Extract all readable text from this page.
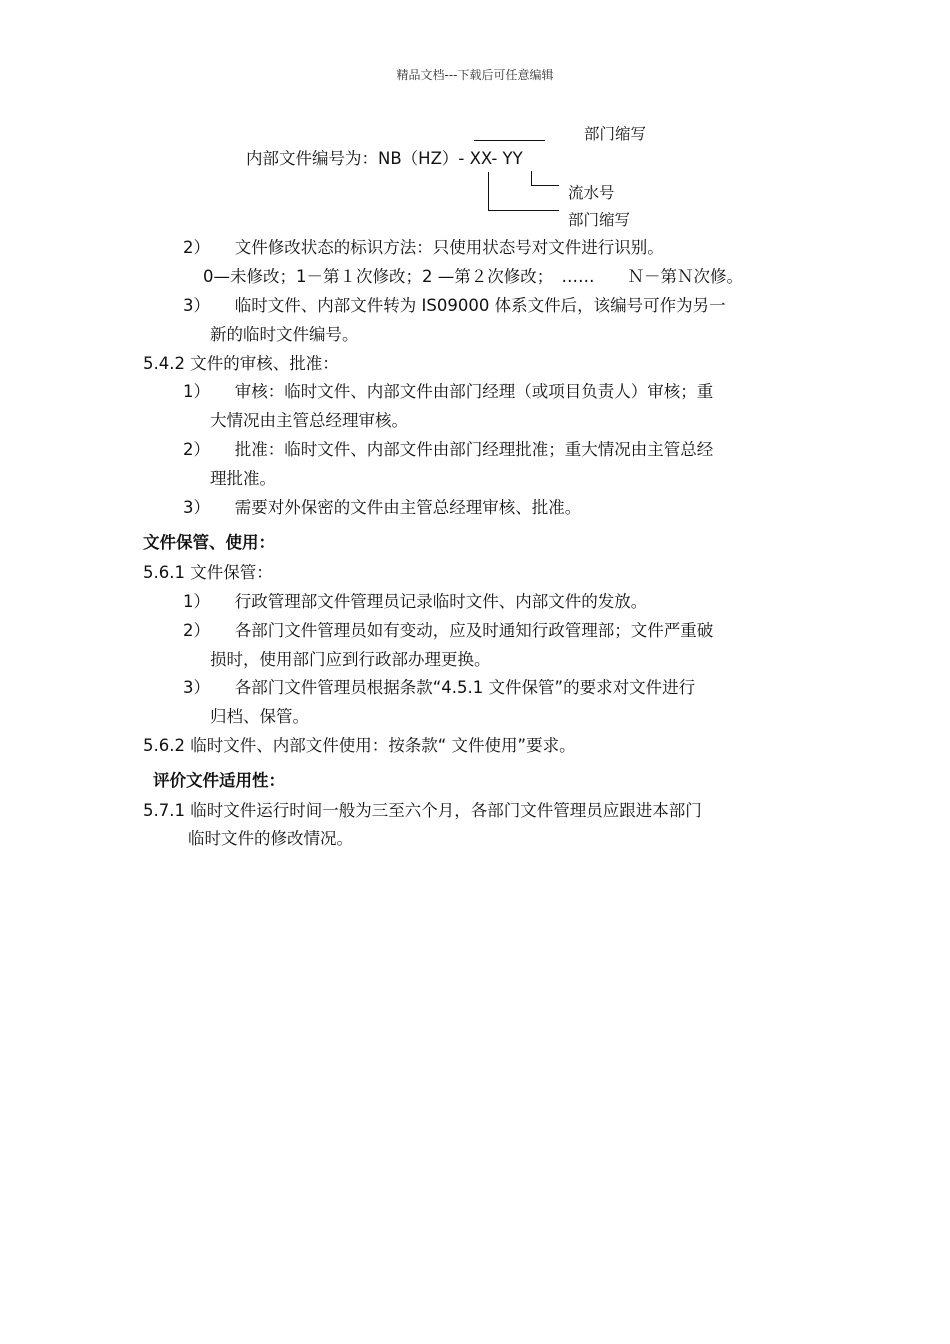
精品文档---下载后可任意编辑
内部文件编号为：NB（HZ）- XX- YY
部门缩写
流水号
部门缩写
2）　　文件修改状态的标识方法：只使用状态号对文件进行识别。
0—未修改；1－第１次修改；2 —第２次修改；　……　　Ｎ－第Ｎ次修。
3）　　临时文件、内部文件转为 IS09000 体系文件后，该编号可作为另一
新的临时文件编号。
5.4.2 文件的审核、批准：
1）　　审核：临时文件、内部文件由部门经理（或项目负责人）审核；重
大情况由主管总经理审核。
2）　　批准：临时文件、内部文件由部门经理批准；重大情况由主管总经
理批准。
3）　　需要对外保密的文件由主管总经理审核、批准。
文件保管、使用：
5.6.1 文件保管：
1）　　行政管理部文件管理员记录临时文件、内部文件的发放。
2）　　各部门文件管理员如有变动，应及时通知行政管理部；文件严重破
损时，使用部门应到行政部办理更换。
3）　　各部门文件管理员根据条款“4.5.1 文件保管”的要求对文件进行
归档、保管。
5.6.2 临时文件、内部文件使用：按条款“ 文件使用”要求。
评价文件适用性：
5.7.1 临时文件运行时间一般为三至六个月，各部门文件管理员应跟进本部门
临时文件的修改情况。
